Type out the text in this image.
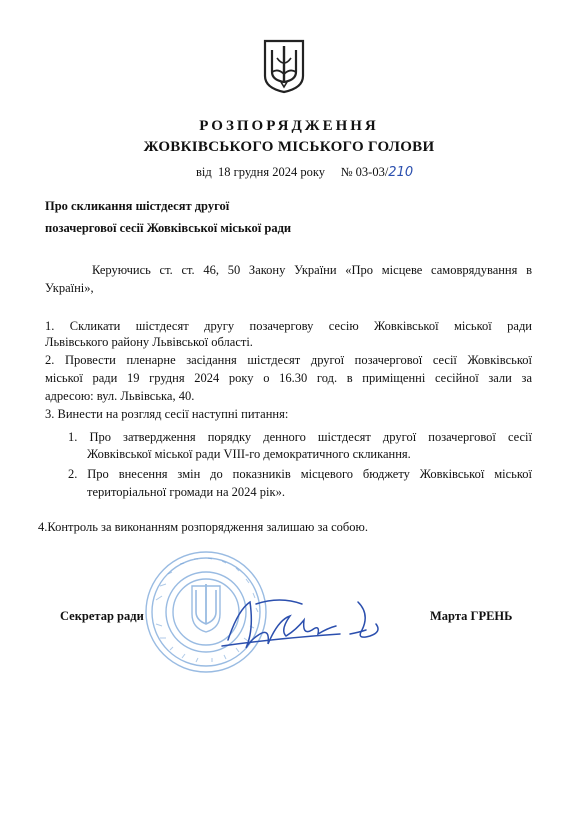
РОЗПОРЯДЖЕННЯ
ЖОВКІВСЬКОГО МІСЬКОГО ГОЛОВИ
від  18 грудня 2024 року     № 03-03/210
Про скликання шістдесят другої
позачергової сесії Жовківської міської ради
Керуючись ст. ст. 46, 50 Закону України «Про місцеве самоврядування в
Україні»,
1. Скликати шістдесят другу позачергову сесію Жовківської міської ради
Львівського району Львівської області.
2. Провести пленарне засідання шістдесят другої позачергової сесії Жовківської
міської ради 19 грудня 2024 року о 16.30 год. в приміщенні сесійної зали за
адресою: вул. Львівська, 40.
3. Винести на розгляд сесії наступні питання:
1. Про затвердження порядку денного шістдесят другої позачергової сесії
Жовківської міської ради VIII-го демократичного скликання.
2. Про внесення змін до показників місцевого бюджету Жовківської міської
територіальної громади на 2024 рік».
4.Контроль за виконанням розпорядження залишаю за собою.
Секретар ради	Марта ГРЕНЬ
